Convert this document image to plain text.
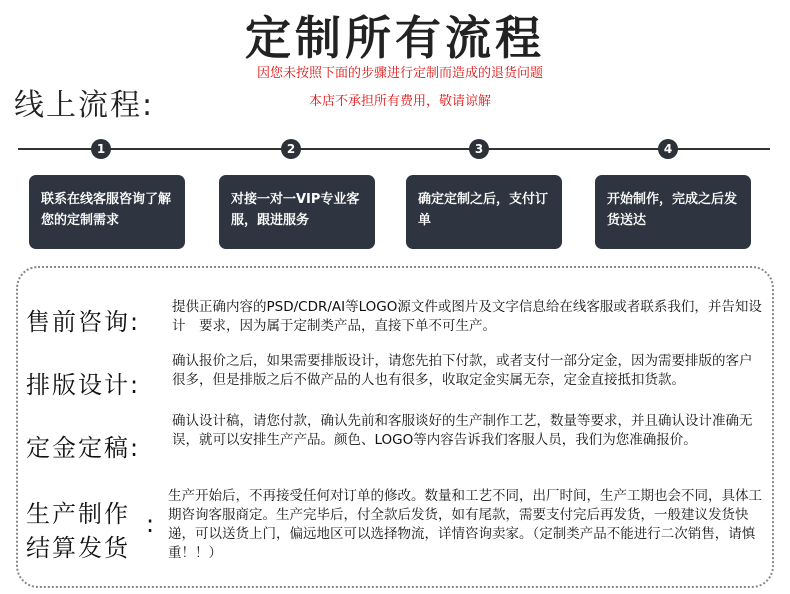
定制所有流程
因您未按照下面的步骤进行定制而造成的退货问题
本店不承担所有费用，敬请谅解
线上流程:
1	2	3	4
联系在线客服咨询了解您的定制需求
对接一对一VIP专业客服，跟进服务
确定定制之后，支付订单
开始制作，完成之后发货送达
售前咨询:
提供正确内容的PSD/CDR/AI等LOGO源文件或图片及文字信息给在线客服或者联系我们，并告知设计　要求，因为属于定制类产品，直接下单不可生产。
排版设计:
确认报价之后，如果需要排版设计，请您先拍下付款，或者支付一部分定金，因为需要排版的客户很多，但是排版之后不做产品的人也有很多，收取定金实属无奈，定金直接抵扣货款。
定金定稿:
确认设计稿，请您付款，确认先前和客服谈好的生产制作工艺，数量等要求，并且确认设计准确无误，就可以安排生产产品。颜色、LOGO等内容告诉我们客服人员，我们为您准确报价。
生产制作
结算发货
:
生产开始后，不再接受任何对订单的修改。数量和工艺不同，出厂时间，生产工期也会不同，具体工期咨询客服商定。生产完毕后，付全款后发货，如有尾款，需要支付完后再发货，一般建议发货快递，可以送货上门，偏远地区可以选择物流，详情咨询卖家。（定制类产品不能进行二次销售，请慎重！！）
